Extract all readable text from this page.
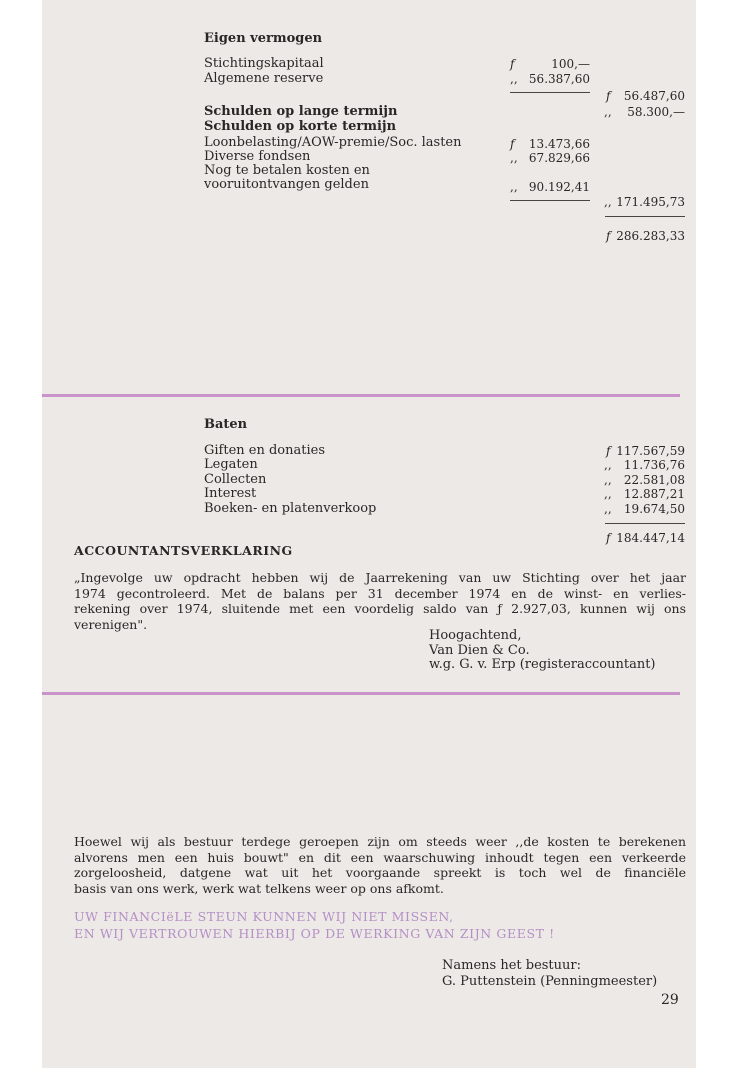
Eigen vermogen
Stichtingskapitaal	f	100,—
Algemene reserve	,, 56.387,60
f	56.487,60
Schulden op lange termijn	,,	58.300,—
Schulden op korte termijn
Loonbelasting/AOW-premie/Soc. lasten	f	13.473,66
Diverse fondsen	,, 67.829,66
Nog te betalen kosten en
vooruitontvangen gelden	,, 90.192,41
,, 171.495,73
f 286.283,33
Baten
Giften en donaties	f 117.567,59
Legaten	,,	11.736,76
Collecten	,,	22.581,08
Interest	,,	12.887,21
Boeken- en platenverkoop	,,	19.674,50
f 184.447,14
ACCOUNTANTSVERKLARING
„Ingevolge uw opdracht hebben wij de Jaarrekening van uw Stichting over het jaar
1974 gecontroleerd. Met de balans per 31 december 1974 en de winst- en verlies-
rekening over 1974, sluitende met een voordelig saldo van ƒ 2.927,03, kunnen wij ons
verenigen".
Hoogachtend,
Van Dien & Co.
w.g. G. v. Erp (registeraccountant)
Hoewel wij als bestuur terdege geroepen zijn om steeds weer ,,de kosten te berekenen
alvorens men een huis bouwt" en dit een waarschuwing inhoudt tegen een verkeerde
zorgeloosheid, datgene wat uit het voorgaande spreekt is toch wel de financiële
basis van ons werk, werk wat telkens weer op ons afkomt.
UW FINANCIëLE STEUN KUNNEN WIJ NIET MISSEN,
EN WIJ VERTROUWEN HIERBIJ OP DE WERKING VAN ZIJN GEEST !
Namens het bestuur:
G. Puttenstein (Penningmeester)
29
